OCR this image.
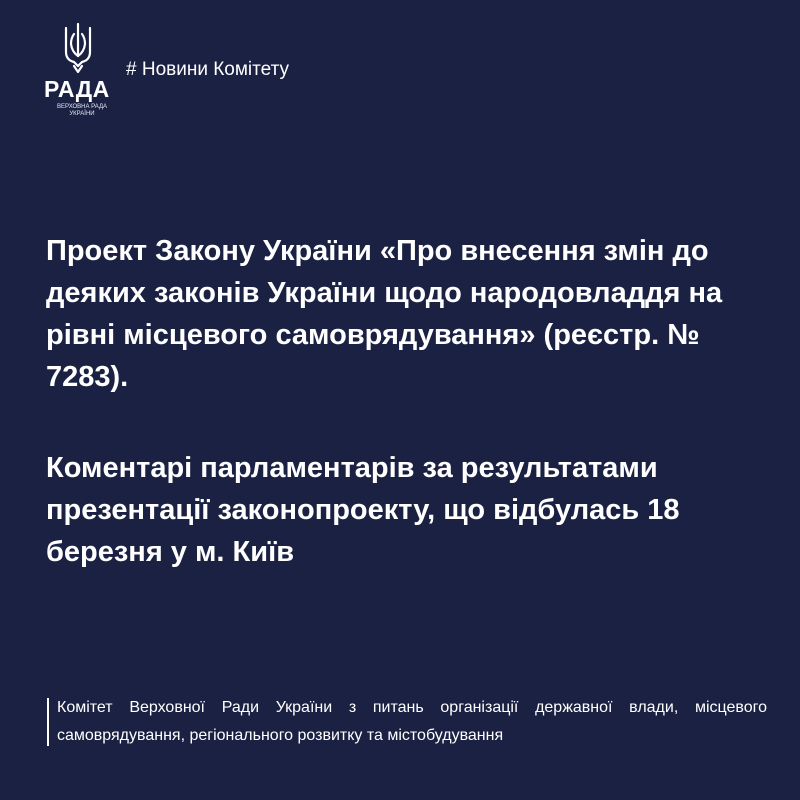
РАДА
ВЕРХОВНА РАДА УКРАЇНИ
# Новини Комітету

Проект Закону України «Про внесення змін до деяких законів України щодо народовладдя на рівні місцевого самоврядування» (реєстр. № 7283).

Коментарі парламентарів за результатами презентації законопроекту, що відбулась 18 березня у м. Київ

Комітет Верховної Ради України з питань організації державної влади, місцевого самоврядування, регіонального розвитку та містобудування
